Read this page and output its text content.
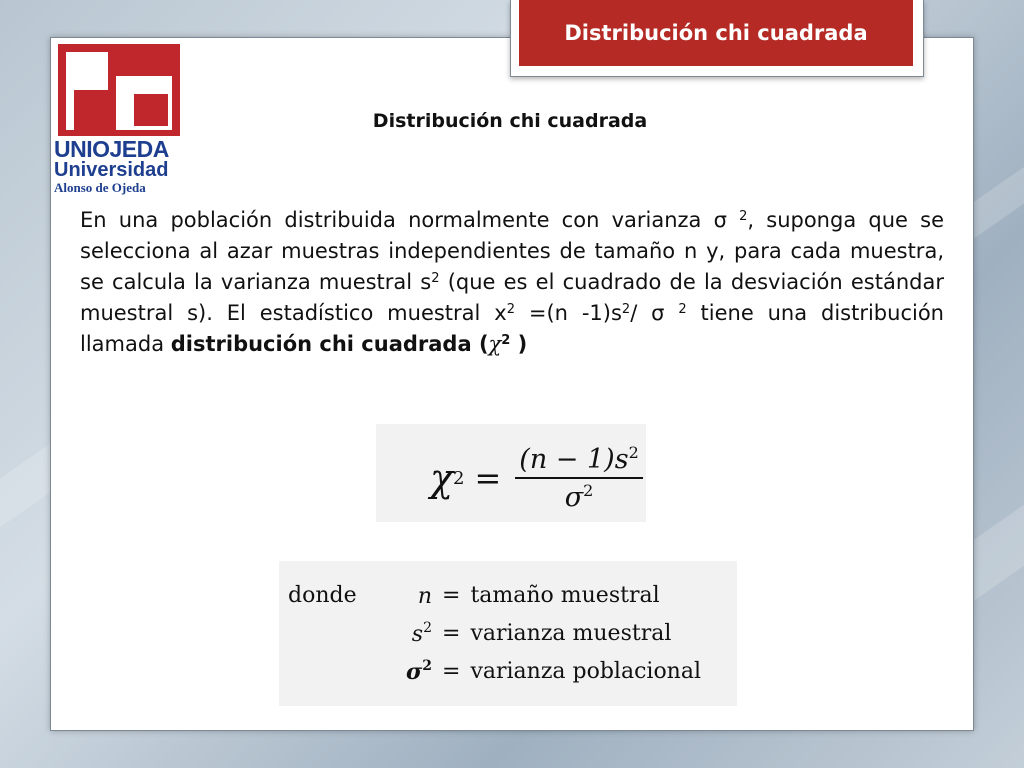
Distribución chi cuadrada
UNIOJEDA
Universidad
Alonso de Ojeda
Distribución chi cuadrada
En una población distribuida normalmente con varianza σ $^2$, suponga que se selecciona al azar muestras independientes de tamaño n y, para cada muestra, se calcula la varianza muestral $s^2$ (que es el cuadrado de la desviación estándar muestral s). El estadístico muestral $x^2 =(n$ $-1)s^2/$ σ $^2$ tiene una distribución llamada distribución chi cuadrada ($\chi^2$ )
χ $2 = \frac{(n - 1)s^2}{\sigma^2}$
donde	n = tamaño muestral
$s^2$ = varianza muestral
$\sigma^2$ = varianza poblacional
